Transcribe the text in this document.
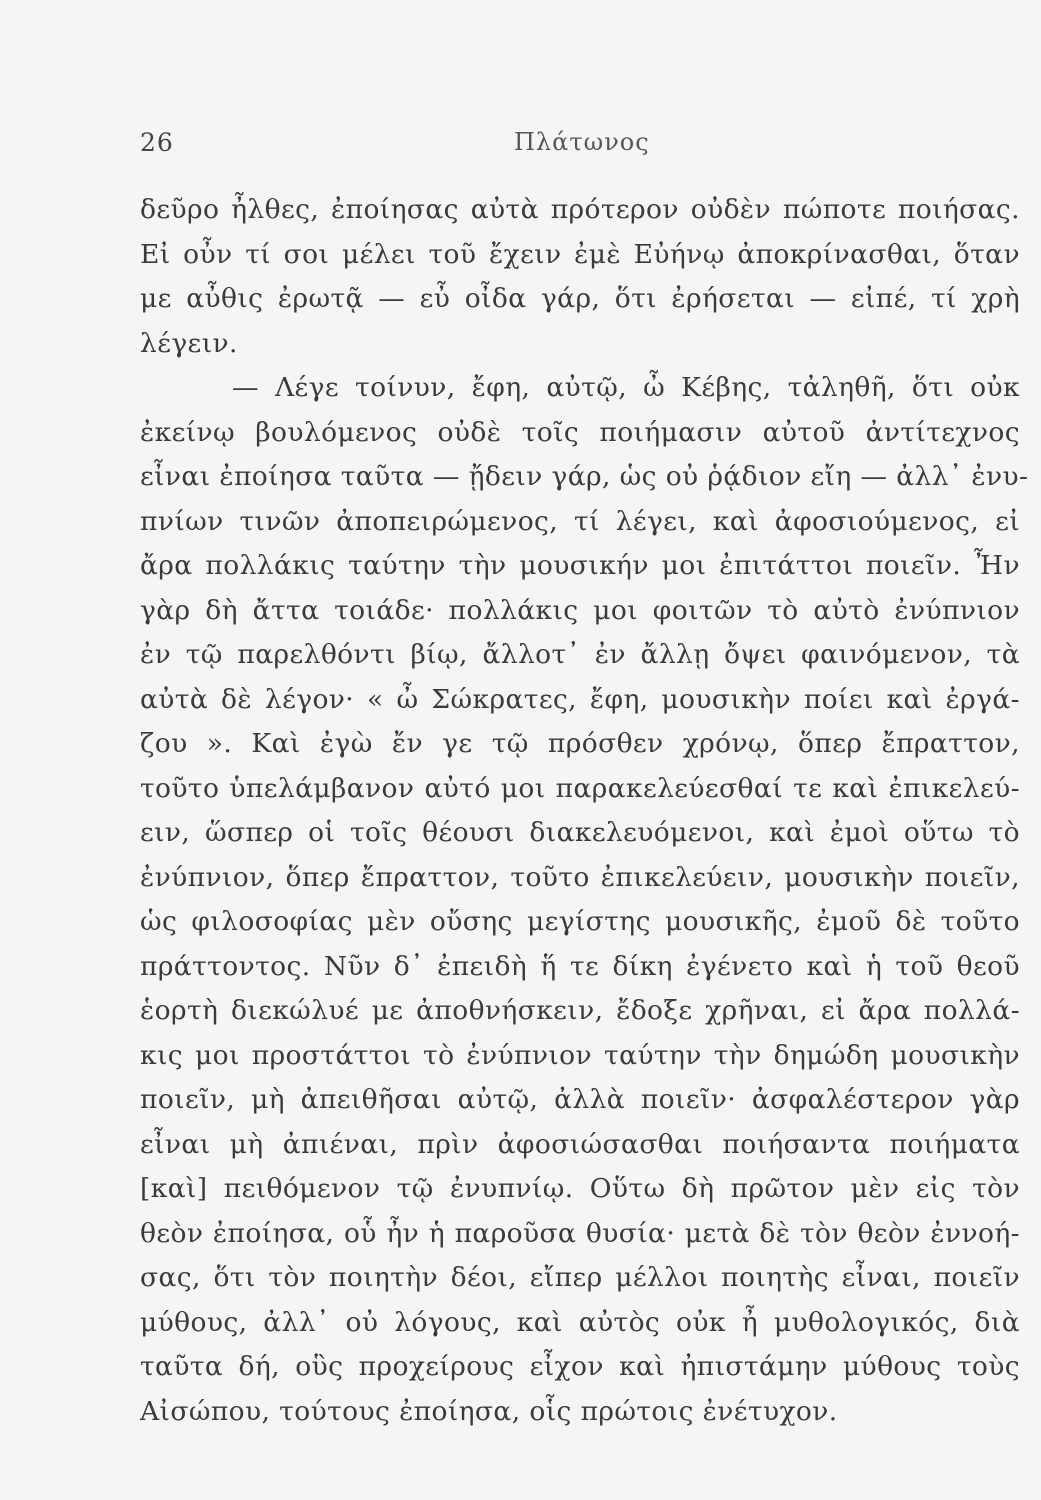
26	Πλάτωνος
δεῦρο ἦλθες, ἐποίησας αὐτὰ πρότερον οὐδὲν πώποτε ποιήσας.
Εἰ οὖν τί σοι μέλει τοῦ ἔχειν ἐμὲ Εὐήνῳ ἀποκρίνασθαι, ὅταν
με αὖθις ἐρωτᾷ — εὖ οἶδα γάρ, ὅτι ἐρήσεται — εἰπέ, τί χρὴ
λέγειν.
— Λέγε τοίνυν, ἔφη, αὐτῷ, ὦ Κέβης, τἀληθῆ, ὅτι οὐκ
ἐκείνῳ βουλόμενος οὐδὲ τοῖς ποιήμασιν αὐτοῦ ἀντίτεχνος
εἶναι ἐποίησα ταῦτα — ᾔδειν γάρ, ὡς οὐ ῥᾴδιον εἴη — ἀλλ᾽ ἐνυ-
πνίων τινῶν ἀποπειρώμενος, τί λέγει, καὶ ἀφοσιούμενος, εἰ
ἄρα πολλάκις ταύτην τὴν μουσικήν μοι ἐπιτάττοι ποιεῖν. Ἦν
γὰρ δὴ ἄττα τοιάδε· πολλάκις μοι φοιτῶν τὸ αὐτὸ ἐνύπνιον
ἐν τῷ παρελθόντι βίῳ, ἄλλοτ᾽ ἐν ἄλλῃ ὄψει φαινόμενον, τὰ
αὐτὰ δὲ λέγον· « ὦ Σώκρατες, ἔφη, μουσικὴν ποίει καὶ ἐργά-
ζου ». Καὶ ἐγὼ ἔν γε τῷ πρόσθεν χρόνῳ, ὅπερ ἔπραττον,
τοῦτο ὑπελάμβανον αὐτό μοι παρακελεύεσθαί τε καὶ ἐπικελεύ-
ειν, ὥσπερ οἱ τοῖς θέουσι διακελευόμενοι, καὶ ἐμοὶ οὕτω τὸ
ἐνύπνιον, ὅπερ ἔπραττον, τοῦτο ἐπικελεύειν, μουσικὴν ποιεῖν,
ὡς φιλοσοφίας μὲν οὔσης μεγίστης μουσικῆς, ἐμοῦ δὲ τοῦτο
πράττοντος. Νῦν δ᾽ ἐπειδὴ ἥ τε δίκη ἐγένετο καὶ ἡ τοῦ θεοῦ
ἑορτὴ διεκώλυέ με ἀποθνήσκειν, ἔδοξε χρῆναι, εἰ ἄρα πολλά-
κις μοι προστάττοι τὸ ἐνύπνιον ταύτην τὴν δημώδη μουσικὴν
ποιεῖν, μὴ ἀπειθῆσαι αὐτῷ, ἀλλὰ ποιεῖν· ἀσφαλέστερον γὰρ
εἶναι μὴ ἀπιέναι, πρὶν ἀφοσιώσασθαι ποιήσαντα ποιήματα
[καὶ] πειθόμενον τῷ ἐνυπνίῳ. Οὕτω δὴ πρῶτον μὲν εἰς τὸν
θεὸν ἐποίησα, οὗ ἦν ἡ παροῦσα θυσία· μετὰ δὲ τὸν θεὸν ἐννοή-
σας, ὅτι τὸν ποιητὴν δέοι, εἴπερ μέλλοι ποιητὴς εἶναι, ποιεῖν
μύθους, ἀλλ᾽ οὐ λόγους, καὶ αὐτὸς οὐκ ἦ μυθολογικός, διὰ
ταῦτα δή, οὓς προχείρους εἶχον καὶ ἠπιστάμην μύθους τοὺς
Αἰσώπου, τούτους ἐποίησα, οἷς πρώτοις ἐνέτυχον.
